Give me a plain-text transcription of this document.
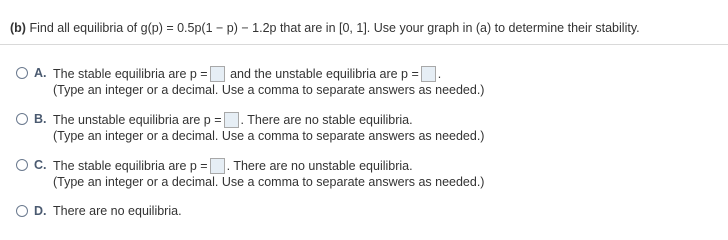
(b) Find all equilibria of g(p) = 0.5p(1 − p) − 1.2p that are in [0, 1]. Use your graph in (a) to determine their stability.
A. The stable equilibria are p = and the unstable equilibria are p = .
(Type an integer or a decimal. Use a comma to separate answers as needed.)
B. The unstable equilibria are p = . There are no stable equilibria.
(Type an integer or a decimal. Use a comma to separate answers as needed.)
C. The stable equilibria are p = . There are no unstable equilibria.
(Type an integer or a decimal. Use a comma to separate answers as needed.)
D. There are no equilibria.
